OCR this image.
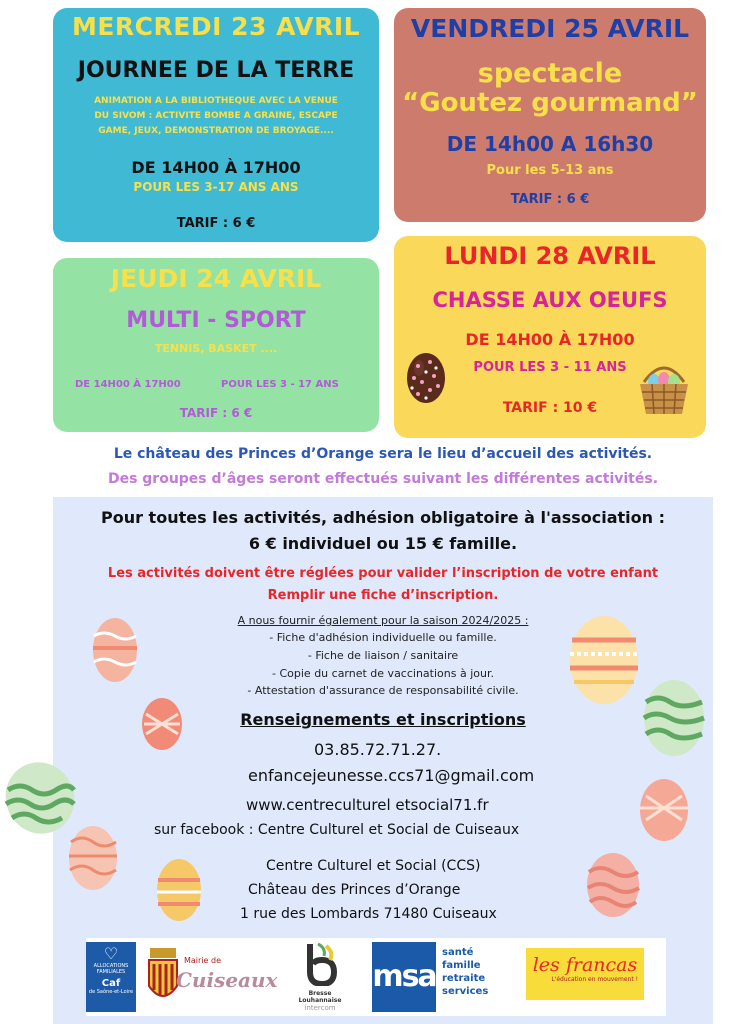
MERCREDI 23 AVRIL
JOURNEE DE LA TERRE
ANIMATION A LA BIBLIOTHEQUE AVEC LA VENUE
DU SIVOM : ACTIVITE BOMBE A GRAINE, ESCAPE
GAME, JEUX, DEMONSTRATION DE BROYAGE....
DE 14H00 À 17H00
POUR LES 3-17 ANS ANS
TARIF : 6 €
VENDREDI 25 AVRIL
spectacle
“Goutez gourmand”
DE 14h00 A 16h30
Pour les 5-13 ans
TARIF : 6 €
JEUDI 24 AVRIL
MULTI - SPORT
TENNIS, BASKET ....
DE 14H00 À 17H00	POUR LES 3 - 17 ANS
TARIF : 6 €
LUNDI 28 AVRIL
CHASSE AUX OEUFS
DE 14H00 À 17H00
POUR LES 3 - 11 ANS
TARIF : 10 €
Le château des Princes d’Orange sera le lieu d’accueil des activités.
Des groupes d’âges seront effectués suivant les différentes activités.
Pour toutes les activités, adhésion obligatoire à l'association :
6 € individuel ou 15 € famille.
Les activités doivent être réglées pour valider l’inscription de votre enfant
Remplir une fiche d’inscription.
A nous fournir également pour la saison 2024/2025 :
- Fiche d'adhésion individuelle ou famille.
- Fiche de liaison / sanitaire
- Copie du carnet de vaccinations à jour.
- Attestation d'assurance de responsabilité civile.
Renseignements et inscriptions
03.85.72.71.27.
enfancejeunesse.ccs71@gmail.com
www.centreculturel etsocial71.fr
sur facebook : Centre Culturel et Social de Cuiseaux
Centre Culturel et Social (CCS)
Château des Princes d’Orange
1 rue des Lombards 71480 Cuiseaux
♡
ALLOCATIONS
FAMILIALES
Caf
de Saône-et-Loire
Mairie de
Cuiseaux
Bresse Louhannaise
intercom
msa
santé
famille
retraite
services
les francas
L'éducation en mouvement !
